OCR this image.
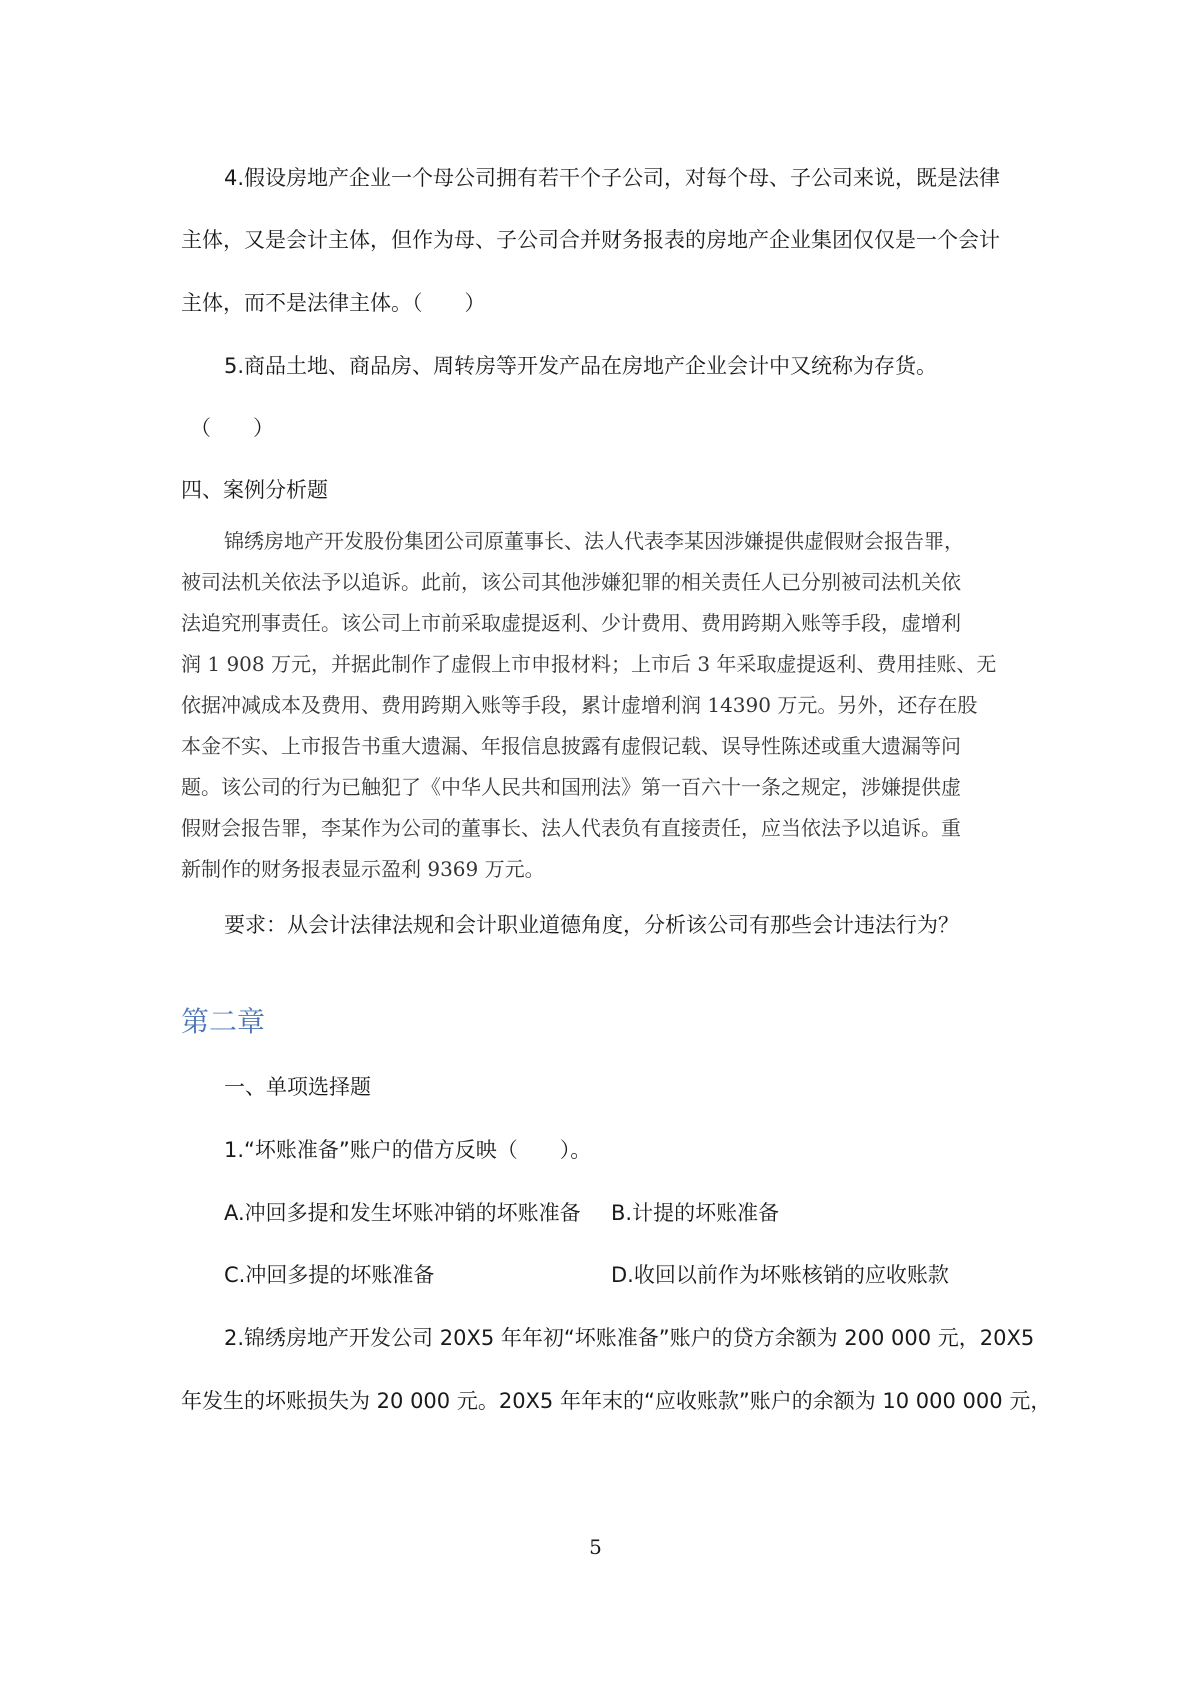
4.假设房地产企业一个母公司拥有若干个子公司，对每个母、子公司来说，既是法律
主体，又是会计主体，但作为母、子公司合并财务报表的房地产企业集团仅仅是一个会计
主体，而不是法律主体。（　　）
5.商品土地、商品房、周转房等开发产品在房地产企业会计中又统称为存货。
（　　）
四、案例分析题
锦绣房地产开发股份集团公司原董事长、法人代表李某因涉嫌提供虚假财会报告罪，
被司法机关依法予以追诉。此前，该公司其他涉嫌犯罪的相关责任人已分别被司法机关依
法追究刑事责任。该公司上市前采取虚提返利、少计费用、费用跨期入账等手段，虚增利
润 1 908 万元，并据此制作了虚假上市申报材料；上市后 3 年采取虚提返利、费用挂账、无
依据冲减成本及费用、费用跨期入账等手段，累计虚增利润 14390 万元。另外，还存在股
本金不实、上市报告书重大遗漏、年报信息披露有虚假记载、误导性陈述或重大遗漏等问
题。该公司的行为已触犯了《中华人民共和国刑法》第一百六十一条之规定，涉嫌提供虚
假财会报告罪，李某作为公司的董事长、法人代表负有直接责任，应当依法予以追诉。重
新制作的财务报表显示盈利 9369 万元。
要求：从会计法律法规和会计职业道德角度，分析该公司有那些会计违法行为？
第二章
一、单项选择题
1.“坏账准备”账户的借方反映（　　）。
A.冲回多提和发生坏账冲销的坏账准备 B.计提的坏账准备
C.冲回多提的坏账准备	D.收回以前作为坏账核销的应收账款
2.锦绣房地产开发公司 20X5 年年初“坏账准备”账户的贷方余额为 200 000 元，20X5
年发生的坏账损失为 20 000 元。20X5 年年末的“应收账款”账户的余额为 10 000 000 元，
5
